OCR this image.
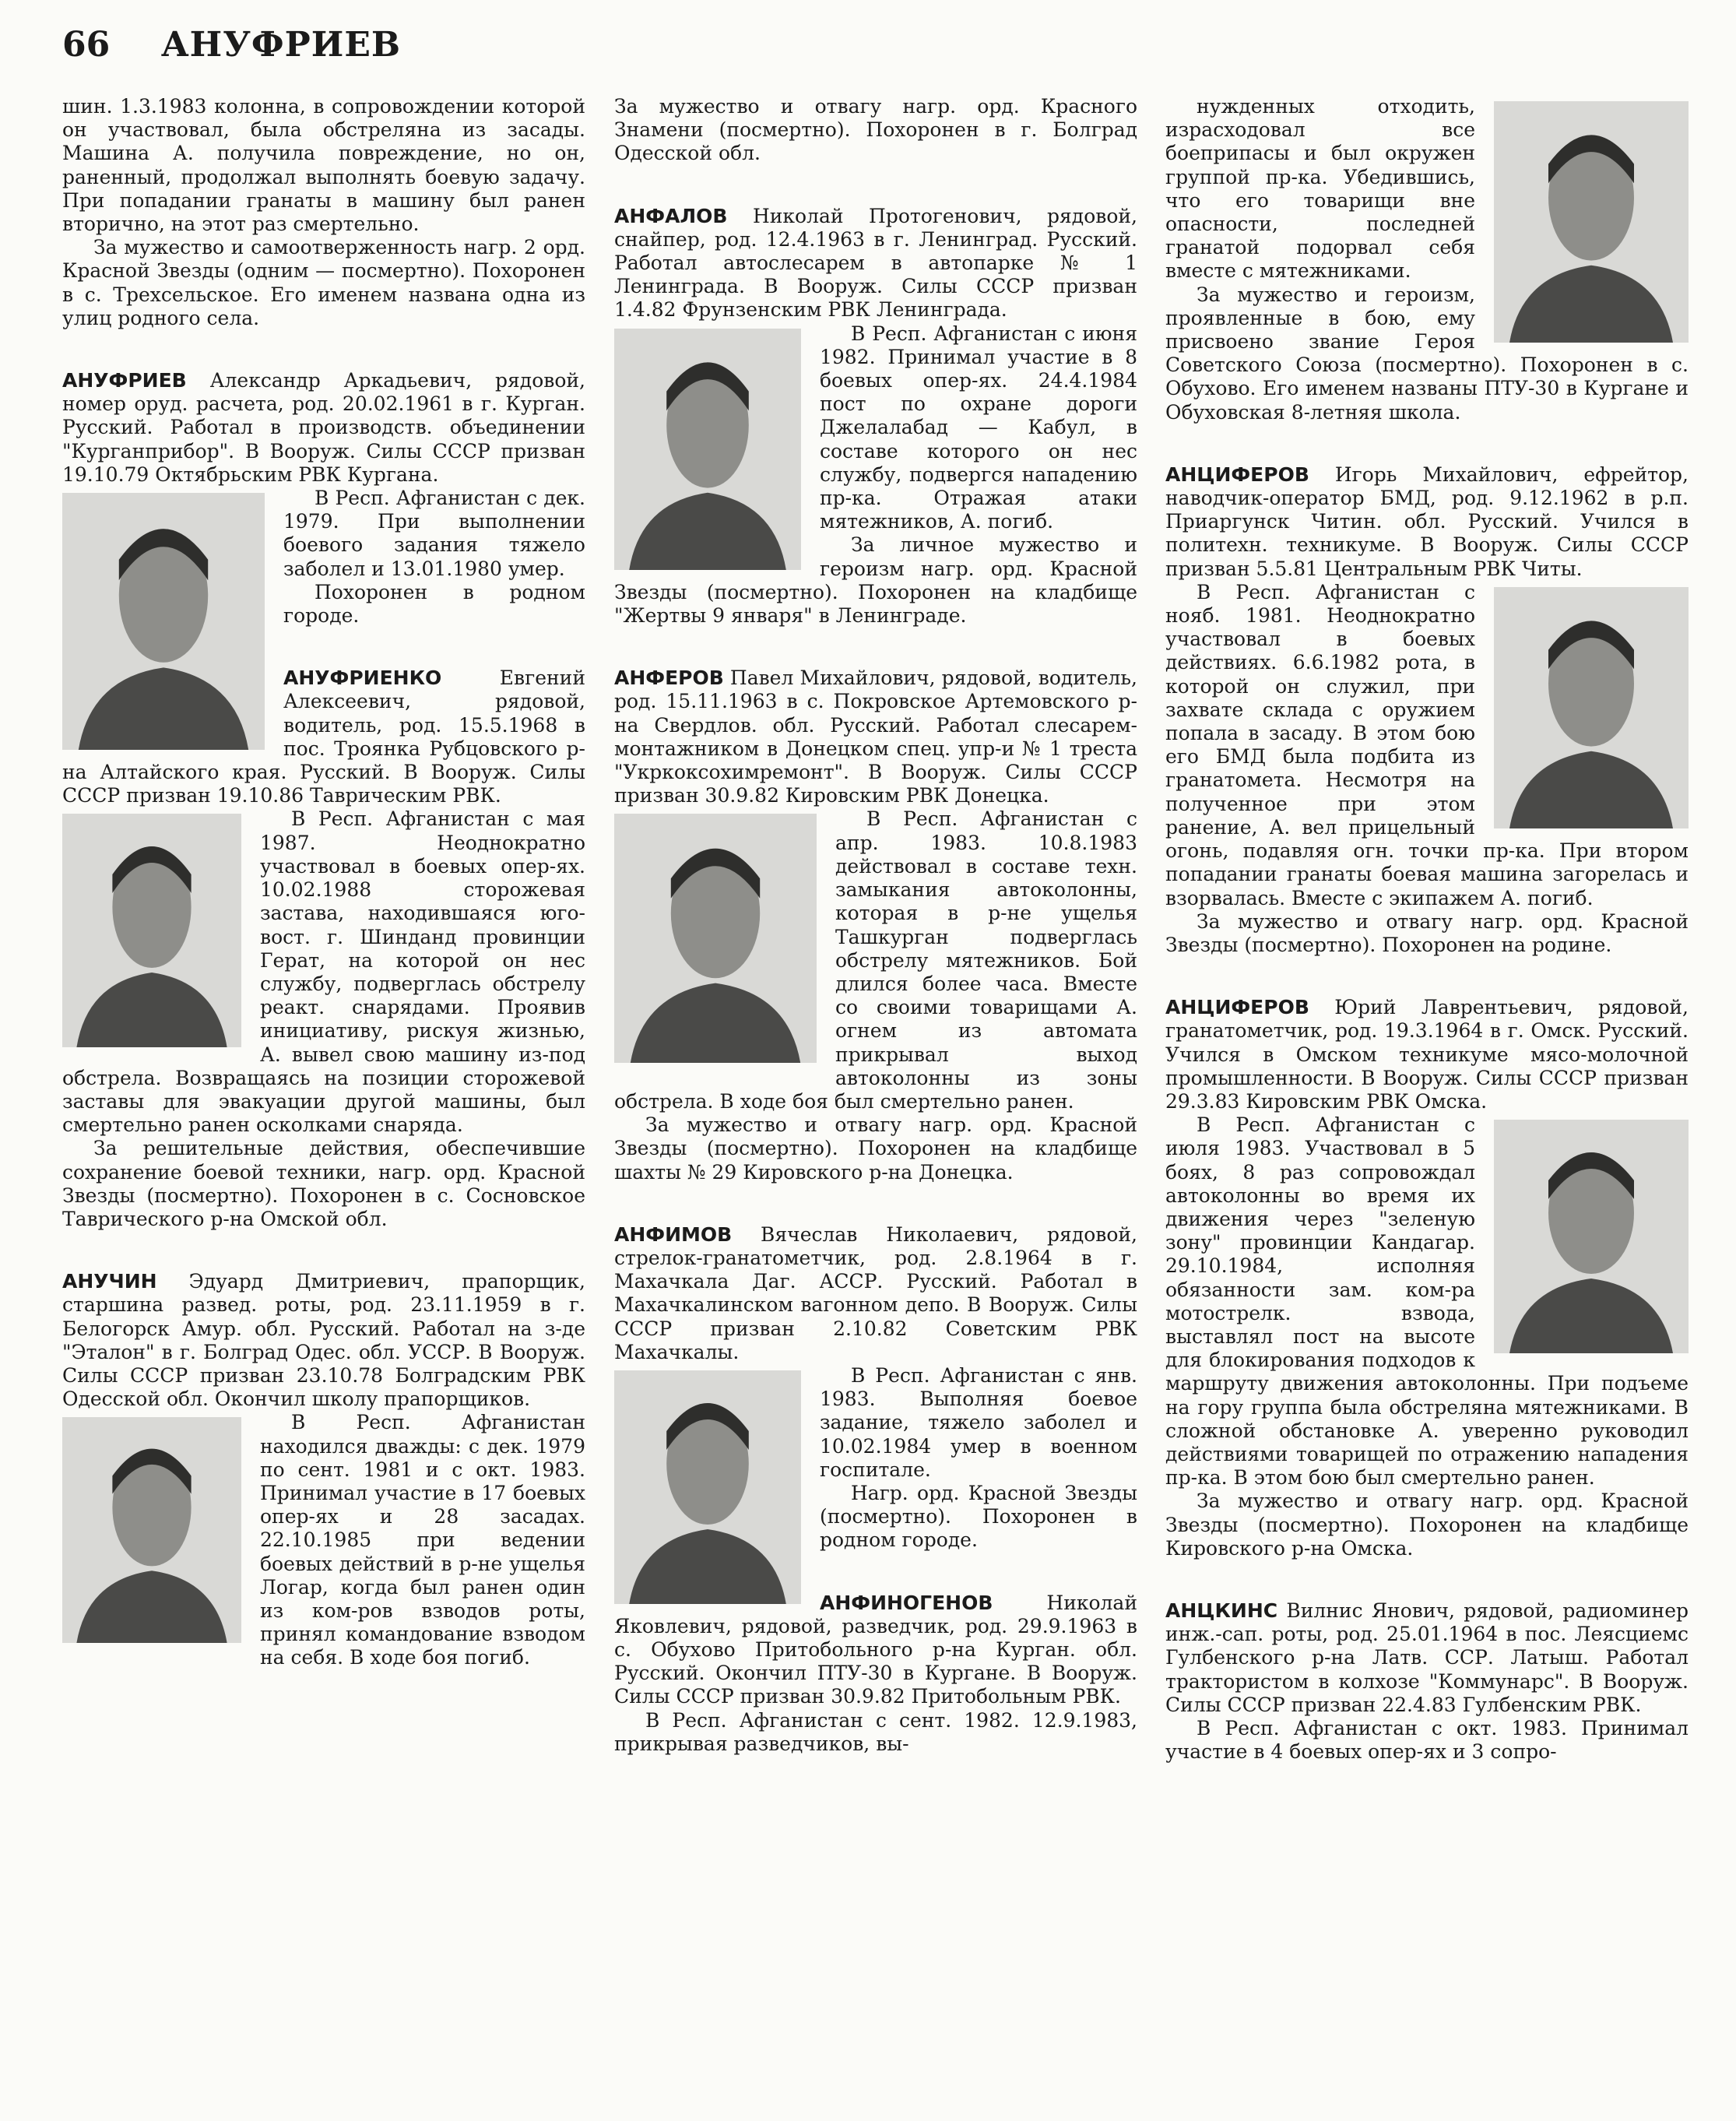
66 АНУФРИЕВ

шин. 1.3.1983 колонна, в сопровождении которой он участвовал, была обстреляна из засады. Машина А. получила повреждение, но он, раненный, продолжал выполнять боевую задачу. При попадании гранаты в машину был ранен вторично, на этот раз смертельно.

За мужество и самоотверженность нагр. 2 орд. Красной Звезды (одним — посмертно). Похоронен в с. Трехсельское. Его именем названа одна из улиц родного села.

АНУФРИЕВ Александр Аркадьевич, рядовой, номер оруд. расчета, род. 20.02.1961 в г. Курган. Русский. Работал в производств. объединении "Курганприбор". В Вооруж. Силы СССР призван 19.10.79 Октябрьским РВК Кургана.

В Респ. Афганистан с дек. 1979. При выполнении боевого задания тяжело заболел и 13.01.1980 умер.

Похоронен в родном городе.

АНУФРИЕНКО Евгений Алексеевич, рядовой, водитель, род. 15.5.1968 в пос. Троянка Рубцовского р-на Алтайского края. Русский. В Вооруж. Силы СССР призван 19.10.86 Таврическим РВК.

В Респ. Афганистан с мая 1987. Неоднократно участвовал в боевых опер-ях. 10.02.1988 сторожевая застава, находившаяся юго-вост. г. Шинданд провинции Герат, на которой он нес службу, подверглась обстрелу реакт. снарядами. Проявив инициативу, рискуя жизнью, А. вывел свою машину из-под обстрела. Возвращаясь на позиции сторожевой заставы для эвакуации другой машины, был смертельно ранен осколками снаряда.

За решительные действия, обеспечившие сохранение боевой техники, нагр. орд. Красной Звезды (посмертно). Похоронен в с. Сосновское Таврического р-на Омской обл.

АНУЧИН Эдуард Дмитриевич, прапорщик, старшина развед. роты, род. 23.11.1959 в г. Белогорск Амур. обл. Русский. Работал на з-де "Эталон" в г. Болград Одес. обл. УССР. В Вооруж. Силы СССР призван 23.10.78 Болградским РВК Одесской обл. Окончил школу прапорщиков.

В Респ. Афганистан находился дважды: с дек. 1979 по сент. 1981 и с окт. 1983. Принимал участие в 17 боевых опер-ях и 28 засадах. 22.10.1985 при ведении боевых действий в р-не ущелья Логар, когда был ранен один из ком-ров взводов роты, принял командование взводом на себя. В ходе боя погиб.

За мужество и отвагу нагр. орд. Красного Знамени (посмертно). Похоронен в г. Болград Одесской обл.

АНФАЛОВ Николай Протогенович, рядовой, снайпер, род. 12.4.1963 в г. Ленинград. Русский. Работал автослесарем в автопарке № 1 Ленинграда. В Вооруж. Силы СССР призван 1.4.82 Фрунзенским РВК Ленинграда.

В Респ. Афганистан с июня 1982. Принимал участие в 8 боевых опер-ях. 24.4.1984 пост по охране дороги Джелалабад — Кабул, в составе которого он нес службу, подвергся нападению пр-ка. Отражая атаки мятежников, А. погиб.

За личное мужество и героизм нагр. орд. Красной Звезды (посмертно). Похоронен на кладбище "Жертвы 9 января" в Ленинграде.

АНФЕРОВ Павел Михайлович, рядовой, водитель, род. 15.11.1963 в с. Покровское Артемовского р-на Свердлов. обл. Русский. Работал слесарем-монтажником в Донецком спец. упр-и № 1 треста "Укркоксохимремонт". В Вооруж. Силы СССР призван 30.9.82 Кировским РВК Донецка.

В Респ. Афганистан с апр. 1983. 10.8.1983 действовал в составе техн. замыкания автоколонны, которая в р-не ущелья Ташкурган подверглась обстрелу мятежников. Бой длился более часа. Вместе со своими товарищами А. огнем из автомата прикрывал выход автоколонны из зоны обстрела. В ходе боя был смертельно ранен.

За мужество и отвагу нагр. орд. Красной Звезды (посмертно). Похоронен на кладбище шахты № 29 Кировского р-на Донецка.

АНФИМОВ Вячеслав Николаевич, рядовой, стрелок-гранатометчик, род. 2.8.1964 в г. Махачкала Даг. АССР. Русский. Работал в Махачкалинском вагонном депо. В Вооруж. Силы СССР призван 2.10.82 Советским РВК Махачкалы.

В Респ. Афганистан с янв. 1983. Выполняя боевое задание, тяжело заболел и 10.02.1984 умер в военном госпитале.

Нагр. орд. Красной Звезды (посмертно). Похоронен в родном городе.

АНФИНОГЕНОВ Николай Яковлевич, рядовой, разведчик, род. 29.9.1963 в с. Обухово Притобольного р-на Курган. обл. Русский. Окончил ПТУ-30 в Кургане. В Вооруж. Силы СССР призван 30.9.82 Притобольным РВК.

В Респ. Афганистан с сент. 1982. 12.9.1983, прикрывая разведчиков, вы-

нужденных отходить, израсходовал все боеприпасы и был окружен группой пр-ка. Убедившись, что его товарищи вне опасности, последней гранатой подорвал себя вместе с мятежниками.

За мужество и героизм, проявленные в бою, ему присвоено звание Героя Советского Союза (посмертно). Похоронен в с. Обухово. Его именем названы ПТУ-30 в Кургане и Обуховская 8-летняя школа.

АНЦИФЕРОВ Игорь Михайлович, ефрейтор, наводчик-оператор БМД, род. 9.12.1962 в р.п. Приаргунск Читин. обл. Русский. Учился в политехн. техникуме. В Вооруж. Силы СССР призван 5.5.81 Центральным РВК Читы.

В Респ. Афганистан с нояб. 1981. Неоднократно участвовал в боевых действиях. 6.6.1982 рота, в которой он служил, при захвате склада с оружием попала в засаду. В этом бою его БМД была подбита из гранатомета. Несмотря на полученное при этом ранение, А. вел прицельный огонь, подавляя огн. точки пр-ка. При втором попадании гранаты боевая машина загорелась и взорвалась. Вместе с экипажем А. погиб.

За мужество и отвагу нагр. орд. Красной Звезды (посмертно). Похоронен на родине.

АНЦИФЕРОВ Юрий Лаврентьевич, рядовой, гранатометчик, род. 19.3.1964 в г. Омск. Русский. Учился в Омском техникуме мясо-молочной промышленности. В Вооруж. Силы СССР призван 29.3.83 Кировским РВК Омска.

В Респ. Афганистан с июля 1983. Участвовал в 5 боях, 8 раз сопровождал автоколонны во время их движения через "зеленую зону" провинции Кандагар. 29.10.1984, исполняя обязанности зам. ком-ра мотострелк. взвода, выставлял пост на высоте для блокирования подходов к маршруту движения автоколонны. При подъеме на гору группа была обстреляна мятежниками. В сложной обстановке А. уверенно руководил действиями товарищей по отражению нападения пр-ка. В этом бою был смертельно ранен.

За мужество и отвагу нагр. орд. Красной Звезды (посмертно). Похоронен на кладбище Кировского р-на Омска.

АНЦКИНС Вилнис Янович, рядовой, радиоминер инж.-сап. роты, род. 25.01.1964 в пос. Леясциемс Гулбенского р-на Латв. ССР. Латыш. Работал трактористом в колхозе "Коммунарс". В Вооруж. Силы СССР призван 22.4.83 Гулбенским РВК.

В Респ. Афганистан с окт. 1983. Принимал участие в 4 боевых опер-ях и 3 сопро-
